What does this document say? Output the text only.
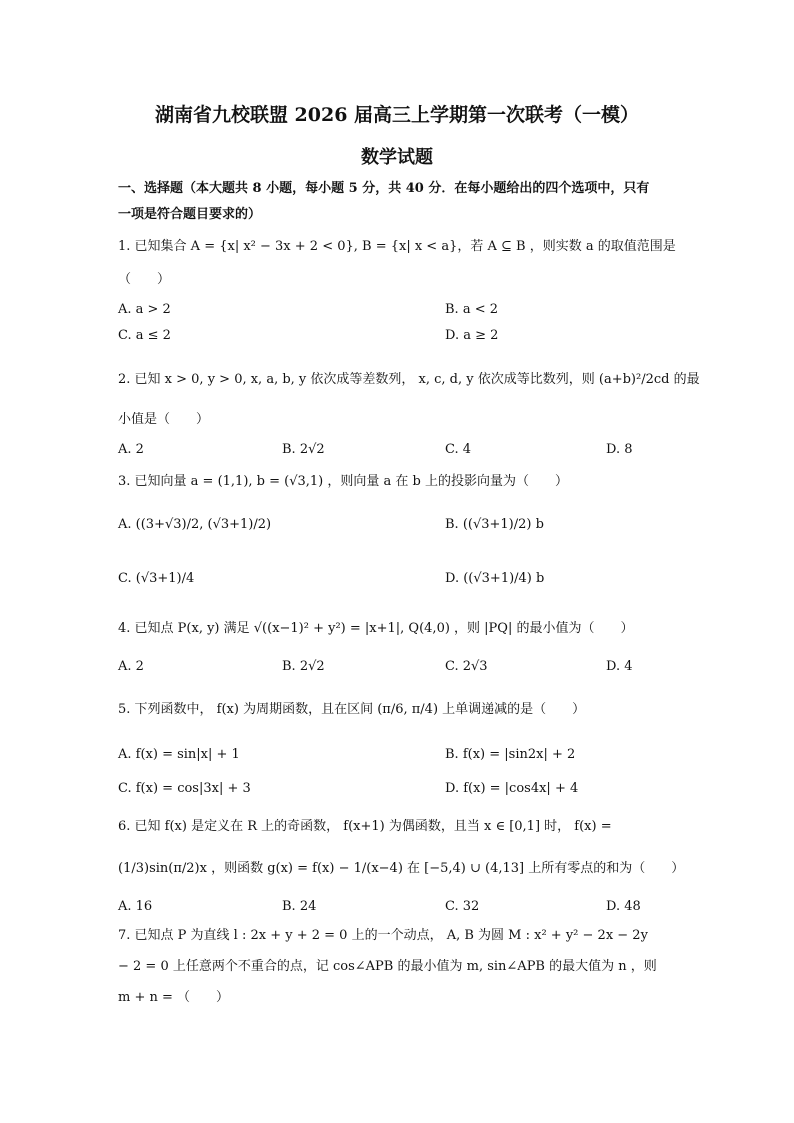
湖南省九校联盟 2026 届高三上学期第一次联考（一模）
数学试题
一、选择题（本大题共 8 小题，每小题 5 分，共 40 分．在每小题给出的四个选项中，只有
一项是符合题目要求的）
1. 已知集合 A = {x| x² − 3x + 2 < 0}, B = {x| x < a}，若 A ⊆ B ，则实数 a 的取值范围是
（　　）
A. a > 2	B. a < 2
C. a ≤ 2	D. a ≥ 2
2. 已知 x > 0, y > 0, x, a, b, y 依次成等差数列， x, c, d, y 依次成等比数列，则 (a+b)²/2cd 的最
小值是（　　）
A. 2	B. 2√2	C. 4	D. 8
3. 已知向量 a = (1,1), b = (√3,1) ，则向量 a 在 b 上的投影向量为（　　）
A. ((3+√3)/2, (√3+1)/2)	B. ((√3+1)/2) b
C. (√3+1)/4	D. ((√3+1)/4) b
4. 已知点 P(x, y) 满足 √((x−1)² + y²) = |x+1|, Q(4,0) ，则 |PQ| 的最小值为（　　）
A. 2	B. 2√2	C. 2√3	D. 4
5. 下列函数中， f(x) 为周期函数，且在区间 (π/6, π/4) 上单调递减的是（　　）
A. f(x) = sin|x| + 1	B. f(x) = |sin2x| + 2
C. f(x) = cos|3x| + 3	D. f(x) = |cos4x| + 4
6. 已知 f(x) 是定义在 R 上的奇函数， f(x+1) 为偶函数，且当 x ∈ [0,1] 时， f(x) =
(1/3)sin(π/2)x ，则函数 g(x) = f(x) − 1/(x−4) 在 [−5,4) ∪ (4,13] 上所有零点的和为（　　）
A. 16	B. 24	C. 32	D. 48
7. 已知点 P 为直线 l : 2x + y + 2 = 0 上的一个动点， A, B 为圆 M : x² + y² − 2x − 2y
− 2 = 0 上任意两个不重合的点，记 cos∠APB 的最小值为 m, sin∠APB 的最大值为 n ，则
m + n = （　　）
